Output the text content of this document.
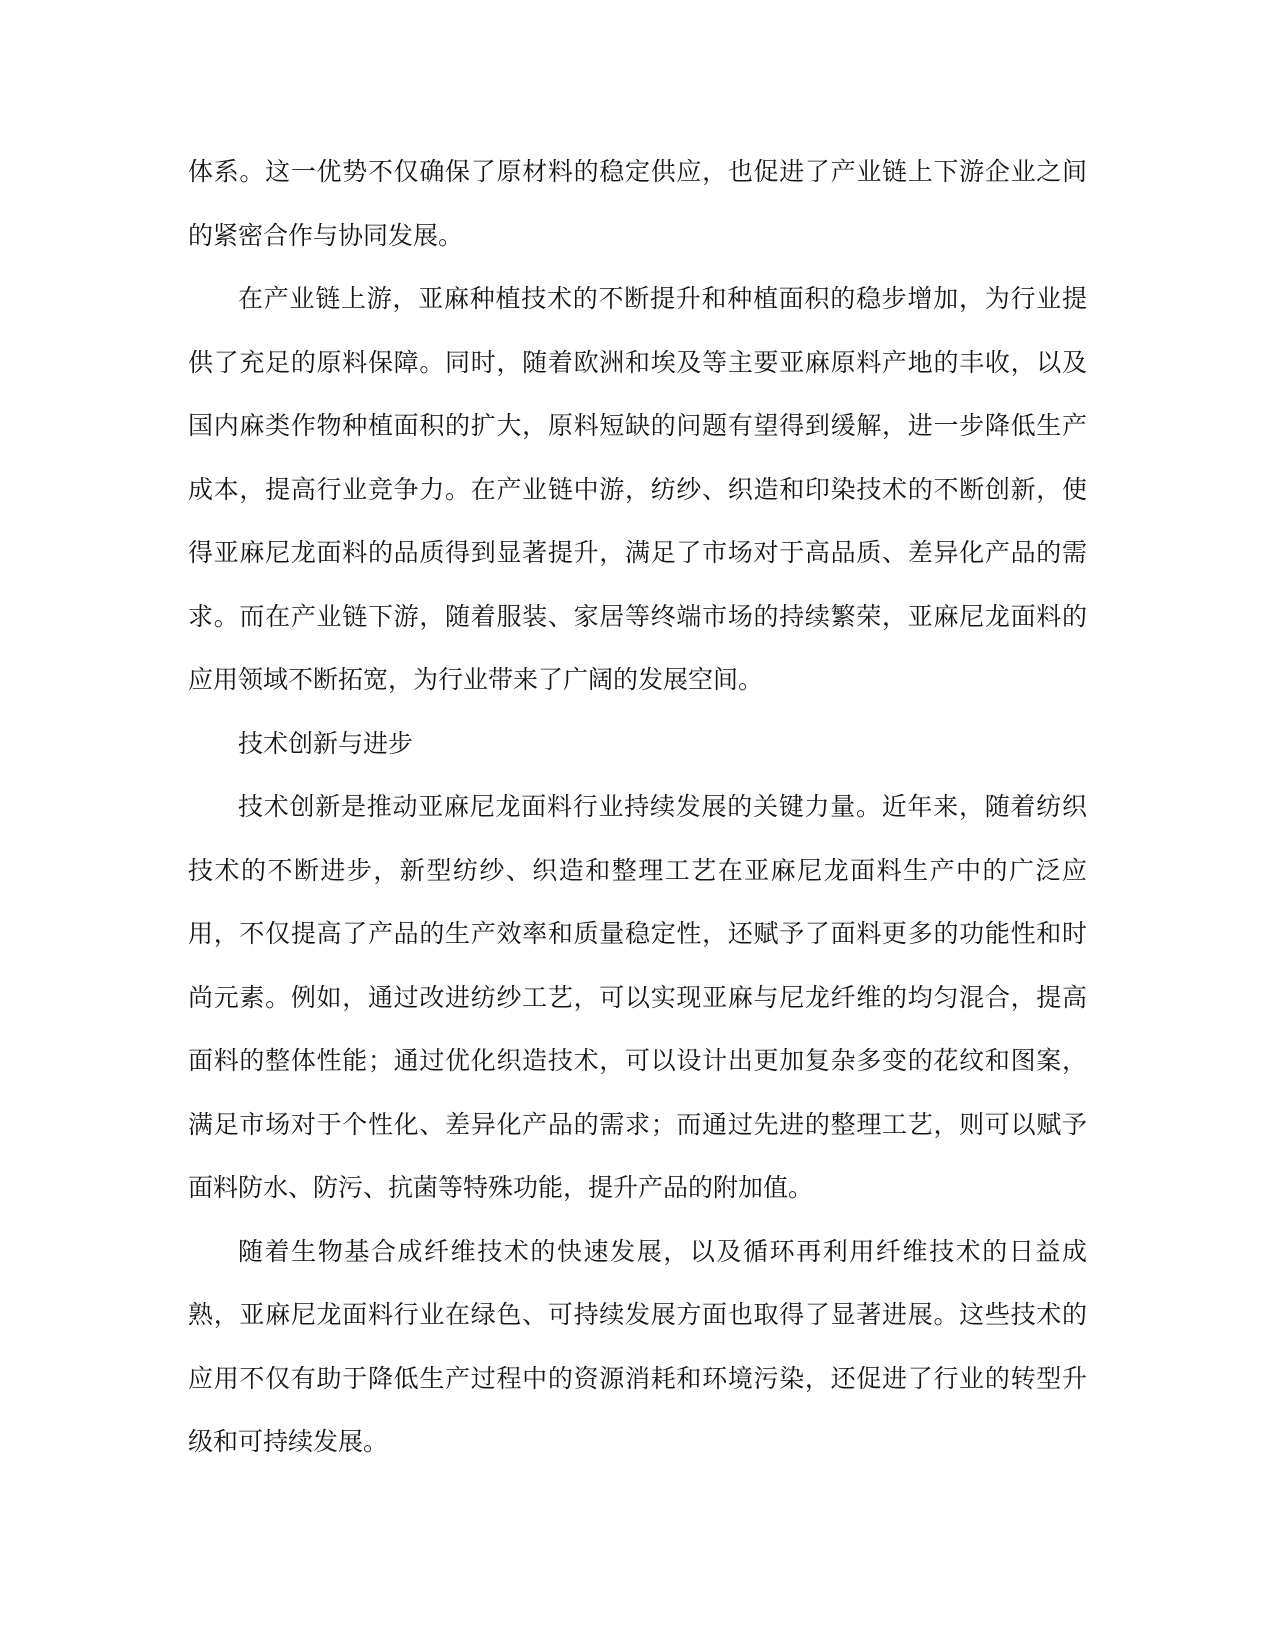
体系。这一优势不仅确保了原材料的稳定供应，也促进了产业链上下游企业之间的紧密合作与协同发展。

在产业链上游，亚麻种植技术的不断提升和种植面积的稳步增加，为行业提供了充足的原料保障。同时，随着欧洲和埃及等主要亚麻原料产地的丰收，以及国内麻类作物种植面积的扩大，原料短缺的问题有望得到缓解，进一步降低生产成本，提高行业竞争力。在产业链中游，纺纱、织造和印染技术的不断创新，使得亚麻尼龙面料的品质得到显著提升，满足了市场对于高品质、差异化产品的需求。而在产业链下游，随着服装、家居等终端市场的持续繁荣，亚麻尼龙面料的应用领域不断拓宽，为行业带来了广阔的发展空间。

技术创新与进步

技术创新是推动亚麻尼龙面料行业持续发展的关键力量。近年来，随着纺织技术的不断进步，新型纺纱、织造和整理工艺在亚麻尼龙面料生产中的广泛应用，不仅提高了产品的生产效率和质量稳定性，还赋予了面料更多的功能性和时尚元素。例如，通过改进纺纱工艺，可以实现亚麻与尼龙纤维的均匀混合，提高面料的整体性能；通过优化织造技术，可以设计出更加复杂多变的花纹和图案，满足市场对于个性化、差异化产品的需求；而通过先进的整理工艺，则可以赋予面料防水、防污、抗菌等特殊功能，提升产品的附加值。

随着生物基合成纤维技术的快速发展，以及循环再利用纤维技术的日益成熟，亚麻尼龙面料行业在绿色、可持续发展方面也取得了显著进展。这些技术的应用不仅有助于降低生产过程中的资源消耗和环境污染，还促进了行业的转型升级和可持续发展。
